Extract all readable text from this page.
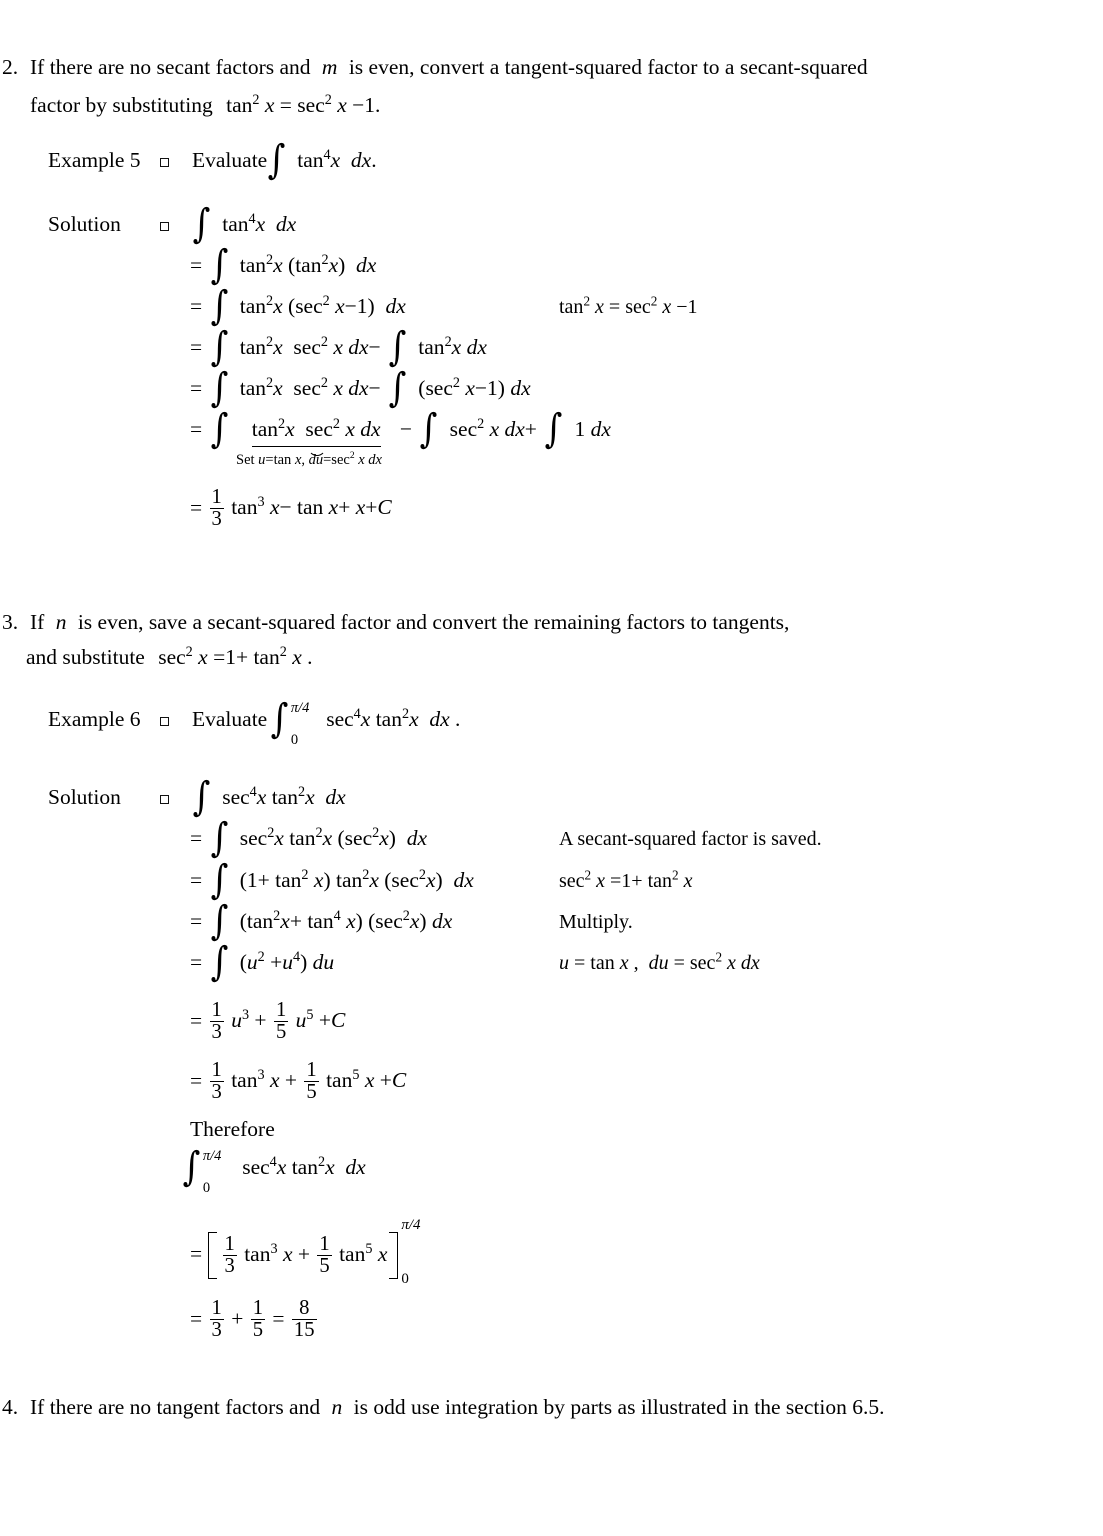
2. If there are no secant factors and m is even, convert a tangent-squared factor to a secant-squared
factor by substituting $\tan^2 x = \sec^2 x -1$.
Example 5 Evaluate ∫ $\tan^4x$ dx.
Solution ∫ $\tan^4x$ dx
= ∫ $\tan^2x$ $(\tan^2x)$  dx
= ∫ $\tan^2x$ ($\sec^2$ x−1)  dx	$\tan^2 x = \sec^2 x -1$
= ∫ $\tan^2x$  $\sec^2 x$ dx− ∫ $\tan^2x$ dx
= ∫ $\tan^2x$  $\sec^2 x$ dx− ∫ ($\sec^2$ x−1) dx
= ∫ $\tan^2x$  $\sec^2 x$ dx − ∫ $\sec^2 x$ dx+ ∫ 1 dx
Set u=tan x, $du=\sec^2$ x dx
= $\frac{1}{3} \tan^3 x- \tan x+ x+C$
3. If n is even, save a secant-squared factor and convert the remaining factors to tangents,
and substitute $\sec^2 x =1+ \tan^2 x$ .
Example 6 Evaluate ∫ π/4
0
$\sec^4x$ $\tan^2x$ dx .
Solution ∫ $\sec^4x$ $\tan^2x$ dx
= ∫ $\sec^2x$ $\tan^2x$ $(\sec^2x)$  dx	A secant-squared factor is saved.
= ∫ $(1+ \tan^2 x)$ $\tan^2x$ $(\sec^2x)$  dx	$\sec^2 x =1+ \tan^2 x$
= ∫ $(\tan^2x+ \tan^4 x)$ $(\sec^2x)$ dx	Multiply.
= ∫ $(u^2 +u^4)$ du	u = tan x ,  du = $\sec^2 x$ dx
= $\frac{1}{3} u^3 + \frac{1}{5} u^5 +C$
= $\frac{1}{3} \tan^3 x + \frac{1}{5} \tan^5 x +C$
Therefore
∫ π/4
0
$\sec^4x$ $\tan^2x$ dx
= $\frac{1}{3} \tan^3 x + \frac{1}{5} \tan^5 x$
π/4
0
= $\frac{1}{3} + \frac{1}{5} = \frac{8}{15}$
4. If there are no tangent factors and n is odd use integration by parts as illustrated in the section 6.5.
